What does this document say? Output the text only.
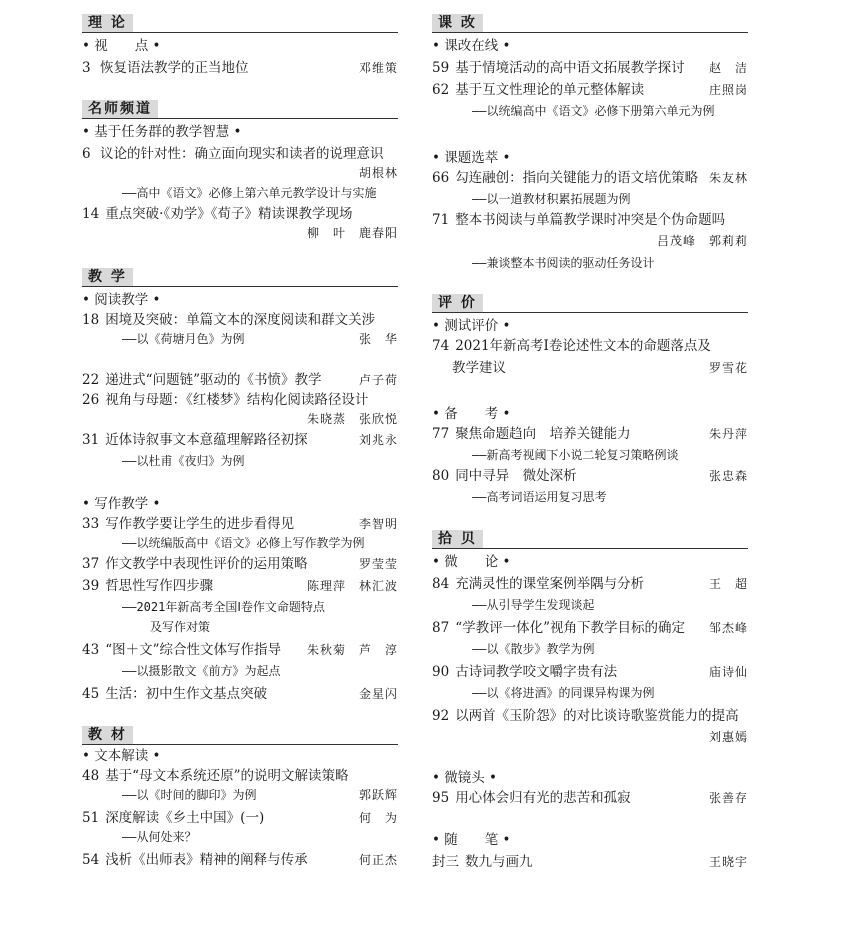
理 论
• 视　　点 •
3 恢复语法教学的正当地位	邓维策
名师频道
• 基于任务群的教学智慧 •
6 议论的针对性：确立面向现实和读者的说理意识
胡根林
—— 高中《语文》必修上第六单元教学设计与实施
14 重点突破·《劝学》《荀子》精读课教学现场
柳　叶　鹿春阳
教 学
• 阅读教学 •
18 困境及突破：单篇文本的深度阅读和群文关涉
—— 以《荷塘月色》为例	张　华
22 递进式“问题链”驱动的《书愤》教学	卢子荷
26 视角与母题：《红楼梦》结构化阅读路径设计
朱晓蒸　张欣悦
31 近体诗叙事文本意蕴理解路径初探	刘兆永
—— 以杜甫《夜归》为例
• 写作教学 •
33 写作教学要让学生的进步看得见	李智明
—— 以统编版高中《语文》必修上写作教学为例
37 作文教学中表现性评价的运用策略	罗莹莹
39 哲思性写作四步骤	陈理萍　林汇波
—— 2021年新高考全国Ⅰ卷作文命题特点
及写作对策
43 “图＋文”综合性文体写作指导 朱秋菊　芦　淳
—— 以摄影散文《前方》为起点
45 生活：初中生作文基点突破	金星闪
教 材
• 文本解读 •
48 基于“母文本系统还原”的说明文解读策略
—— 以《时间的脚印》为例	郭跃辉
51 深度解读《乡土中国》(一)	何　为
—— 从何处来？
54 浅析《出师表》精神的阐释与传承	何正杰
课 改
• 课改在线 •
59 基于情境活动的高中语文拓展教学探讨 赵　洁
62 基于互文性理论的单元整体解读	庄照岗
—— 以统编高中《语文》必修下册第六单元为例
• 课题选萃 •
66 勾连融创：指向关键能力的语文培优策略 朱友林
—— 以一道教材积累拓展题为例
71 整本书阅读与单篇教学课时冲突是个伪命题吗
吕茂峰　郭莉莉
—— 兼谈整本书阅读的驱动任务设计
评 价
• 测试评价 •
74 2021年新高考Ⅰ卷论述性文本的命题落点及
教学建议	罗雪花
• 备　　考 •
77 聚焦命题趋向　培养关键能力	朱丹萍
—— 新高考视阈下小说二轮复习策略例谈
80 同中寻异　微处深析	张忠森
—— 高考词语运用复习思考
拾 贝
• 微　　论 •
84 充满灵性的课堂案例举隅与分析	王　超
—— 从引导学生发现谈起
87 “学教评一体化”视角下教学目标的确定 邹杰峰
—— 以《散步》教学为例
90 古诗词教学咬文嚼字贵有法	庙诗仙
—— 以《将进酒》的同课异构课为例
92 以两首《玉阶怨》的对比谈诗歌鉴赏能力的提高
刘惠嫣
• 微镜头 •
95 用心体会归有光的悲苦和孤寂	张善存
• 随　　笔 •
封三 数九与画九	王晓宇
